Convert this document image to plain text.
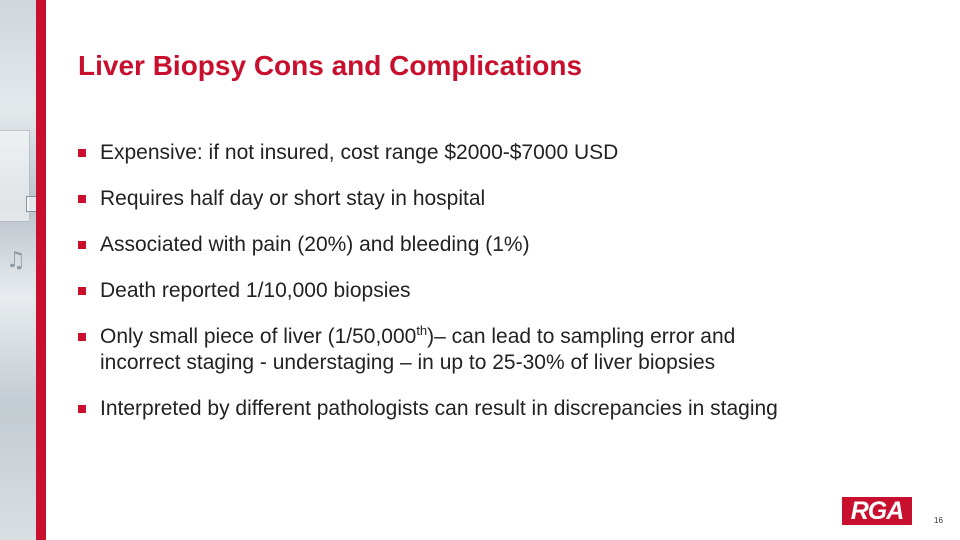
♫
Liver Biopsy Cons and Complications
Expensive: if not insured, cost range $2000-$7000 USD
Requires half day or short stay in hospital
Associated with pain (20%) and bleeding (1%)
Death reported 1/10,000 biopsies
Only small piece of liver (1/50,000th)– can lead to sampling error and
incorrect staging - understaging – in up to 25-30% of liver biopsies
Interpreted by different pathologists can result in discrepancies in staging
RGA	16
